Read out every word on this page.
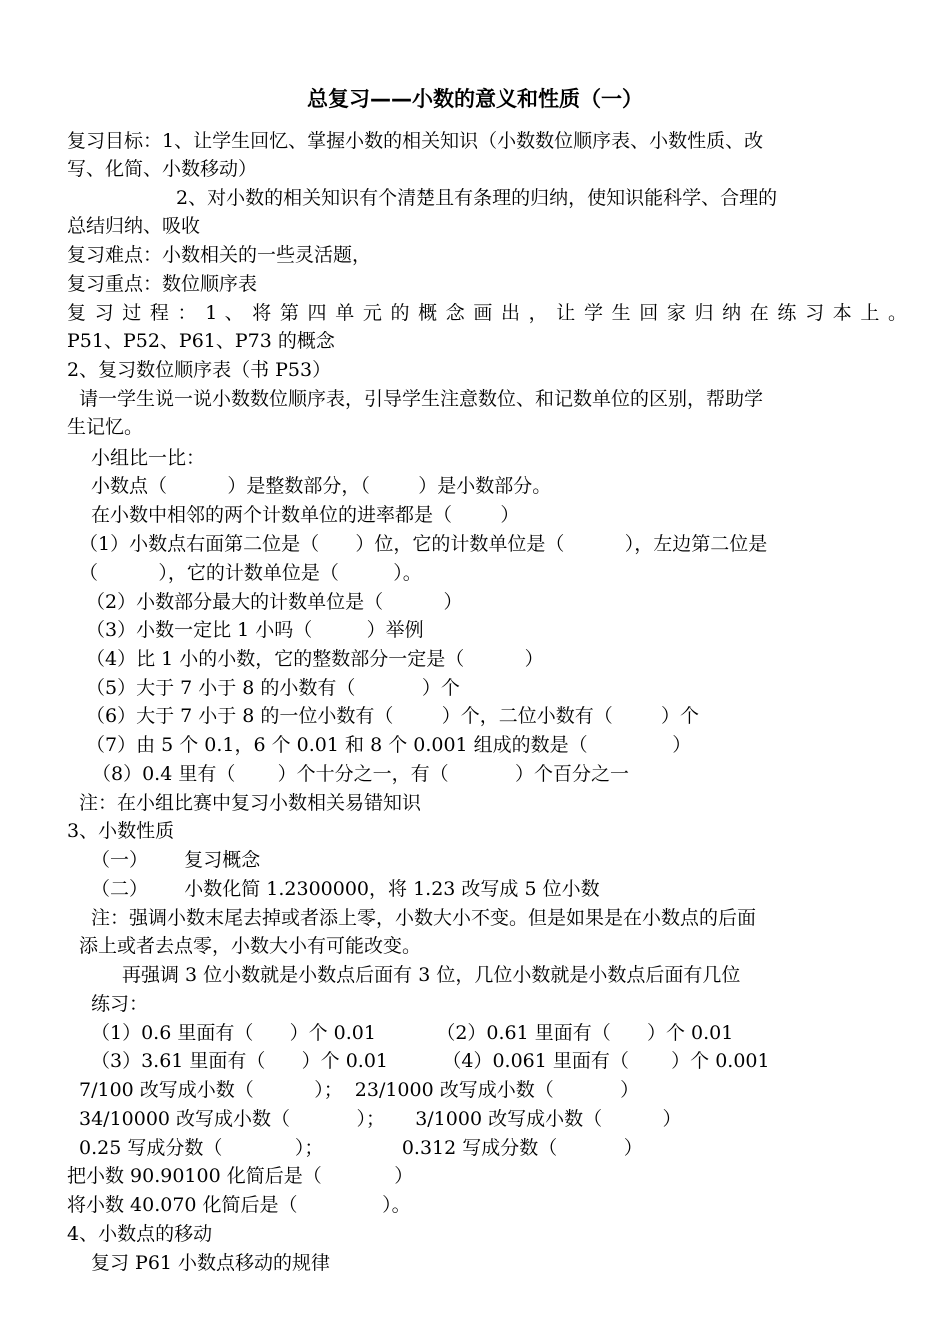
总复习——小数的意义和性质（一）
复习目标：1、让学生回忆、掌握小数的相关知识（小数数位顺序表、小数性质、改
写、化简、小数移动）
2、对小数的相关知识有个清楚且有条理的归纳，使知识能科学、合理的
总结归纳、吸收
复习难点：小数相关的一些灵活题，
复习重点：数位顺序表
复 习 过 程 ： 1 、 将 第 四 单 元 的 概 念 画 出 ， 让 学 生 回 家 归 纳 在 练 习 本 上 。
P51、P52、P61、P73 的概念
2、复习数位顺序表（书 P53）
请一学生说一说小数数位顺序表，引导学生注意数位、和记数单位的区别，帮助学
生记忆。
小组比一比：
小数点（          ）是整数部分，（        ）是小数部分。
在小数中相邻的两个计数单位的进率都是（        ）
（1）小数点右面第二位是（      ）位，它的计数单位是（          ），左边第二位是
（          ），它的计数单位是（         ）。
（2）小数部分最大的计数单位是（          ）
（3）小数一定比 1 小吗（         ）举例
（4）比 1 小的小数，它的整数部分一定是（          ）
（5）大于 7 小于 8 的小数有（           ）个
（6）大于 7 小于 8 的一位小数有（        ）个，二位小数有（        ）个
（7）由 5 个 0.1，6 个 0.01 和 8 个 0.001 组成的数是（              ）
（8）0.4 里有（       ）个十分之一，有（           ）个百分之一
注：在小组比赛中复习小数相关易错知识
3、小数性质
（一）      复习概念
（二）      小数化简 1.2300000，将 1.23 改写成 5 位小数
注：强调小数末尾去掉或者添上零，小数大小不变。但是如果是在小数点的后面
添上或者去点零，小数大小有可能改变。
再强调 3 位小数就是小数点后面有 3 位，几位小数就是小数点后面有几位
练习：
（1）0.6 里面有（      ）个 0.01          （2）0.61 里面有（      ）个 0.01
（3）3.61 里面有（      ）个 0.01         （4）0.061 里面有（       ）个 0.001
7/100 改写成小数（          ）；  23/1000 改写成小数（           ）
34/10000 改写成小数（           ）；     3/1000 改写成小数（          ）
0.25 写成分数（            ）；             0.312 写成分数（           ）
把小数 90.90100 化简后是（            ）
将小数 40.070 化简后是（              ）。
4、小数点的移动
复习 P61 小数点移动的规律
